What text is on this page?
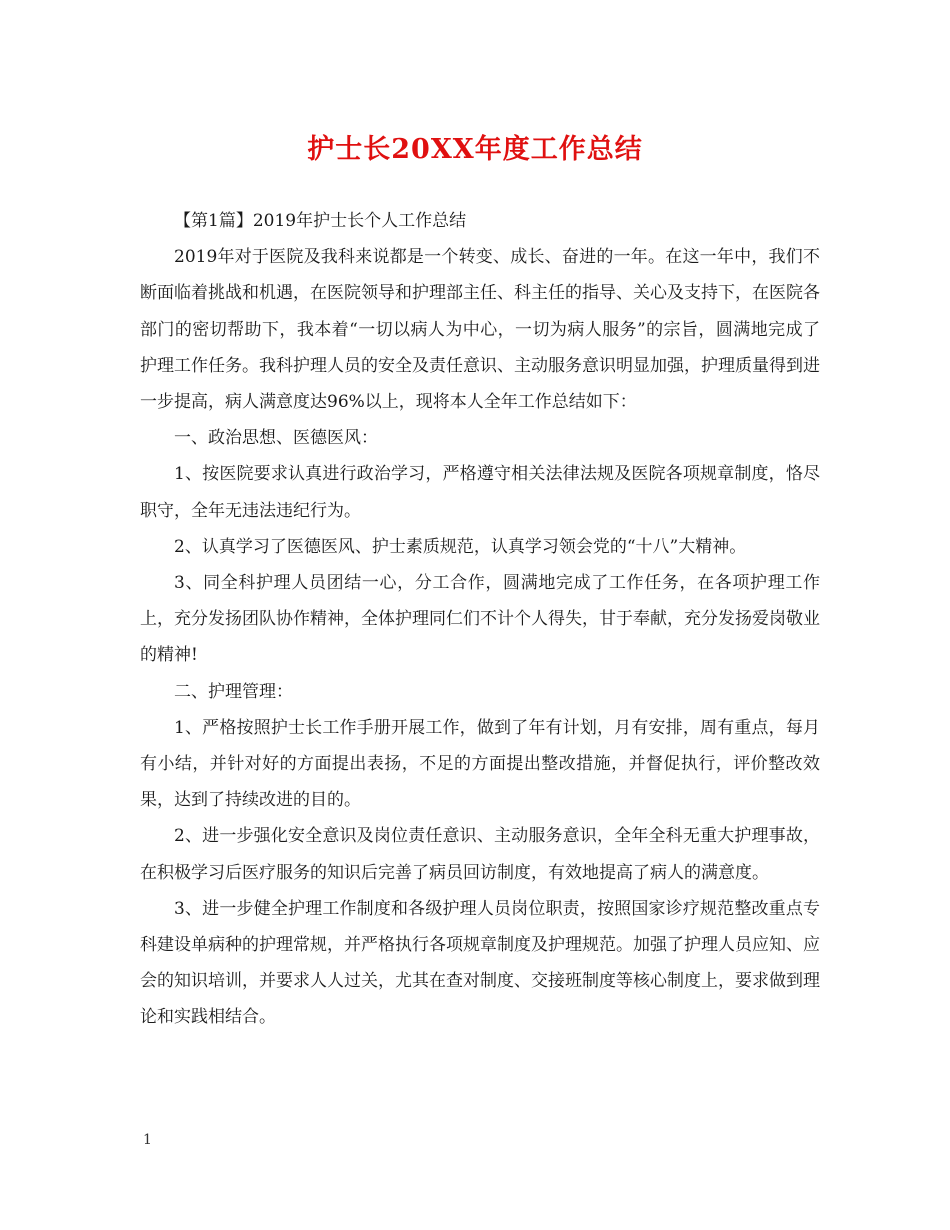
护士长20XX年度工作总结

【第1篇】2019年护士长个人工作总结

2019年对于医院及我科来说都是一个转变、成长、奋进的一年。在这一年中，我们不断面临着挑战和机遇，在医院领导和护理部主任、科主任的指导、关心及支持下，在医院各部门的密切帮助下，我本着“一切以病人为中心，一切为病人服务”的宗旨，圆满地完成了护理工作任务。我科护理人员的安全及责任意识、主动服务意识明显加强，护理质量得到进一步提高，病人满意度达96%以上，现将本人全年工作总结如下：

一、政治思想、医德医风：

1、按医院要求认真进行政治学习，严格遵守相关法律法规及医院各项规章制度，恪尽职守，全年无违法违纪行为。

2、认真学习了医德医风、护士素质规范，认真学习领会党的“十八”大精神。

3、同全科护理人员团结一心，分工合作，圆满地完成了工作任务，在各项护理工作上，充分发扬团队协作精神，全体护理同仁们不计个人得失，甘于奉献，充分发扬爱岗敬业的精神!

二、护理管理：

1、严格按照护士长工作手册开展工作，做到了年有计划，月有安排，周有重点，每月有小结，并针对好的方面提出表扬，不足的方面提出整改措施，并督促执行，评价整改效果，达到了持续改进的目的。

2、进一步强化安全意识及岗位责任意识、主动服务意识，全年全科无重大护理事故，在积极学习后医疗服务的知识后完善了病员回访制度，有效地提高了病人的满意度。

3、进一步健全护理工作制度和各级护理人员岗位职责，按照国家诊疗规范整改重点专科建设单病种的护理常规，并严格执行各项规章制度及护理规范。加强了护理人员应知、应会的知识培训，并要求人人过关，尤其在查对制度、交接班制度等核心制度上，要求做到理论和实践相结合。

1
